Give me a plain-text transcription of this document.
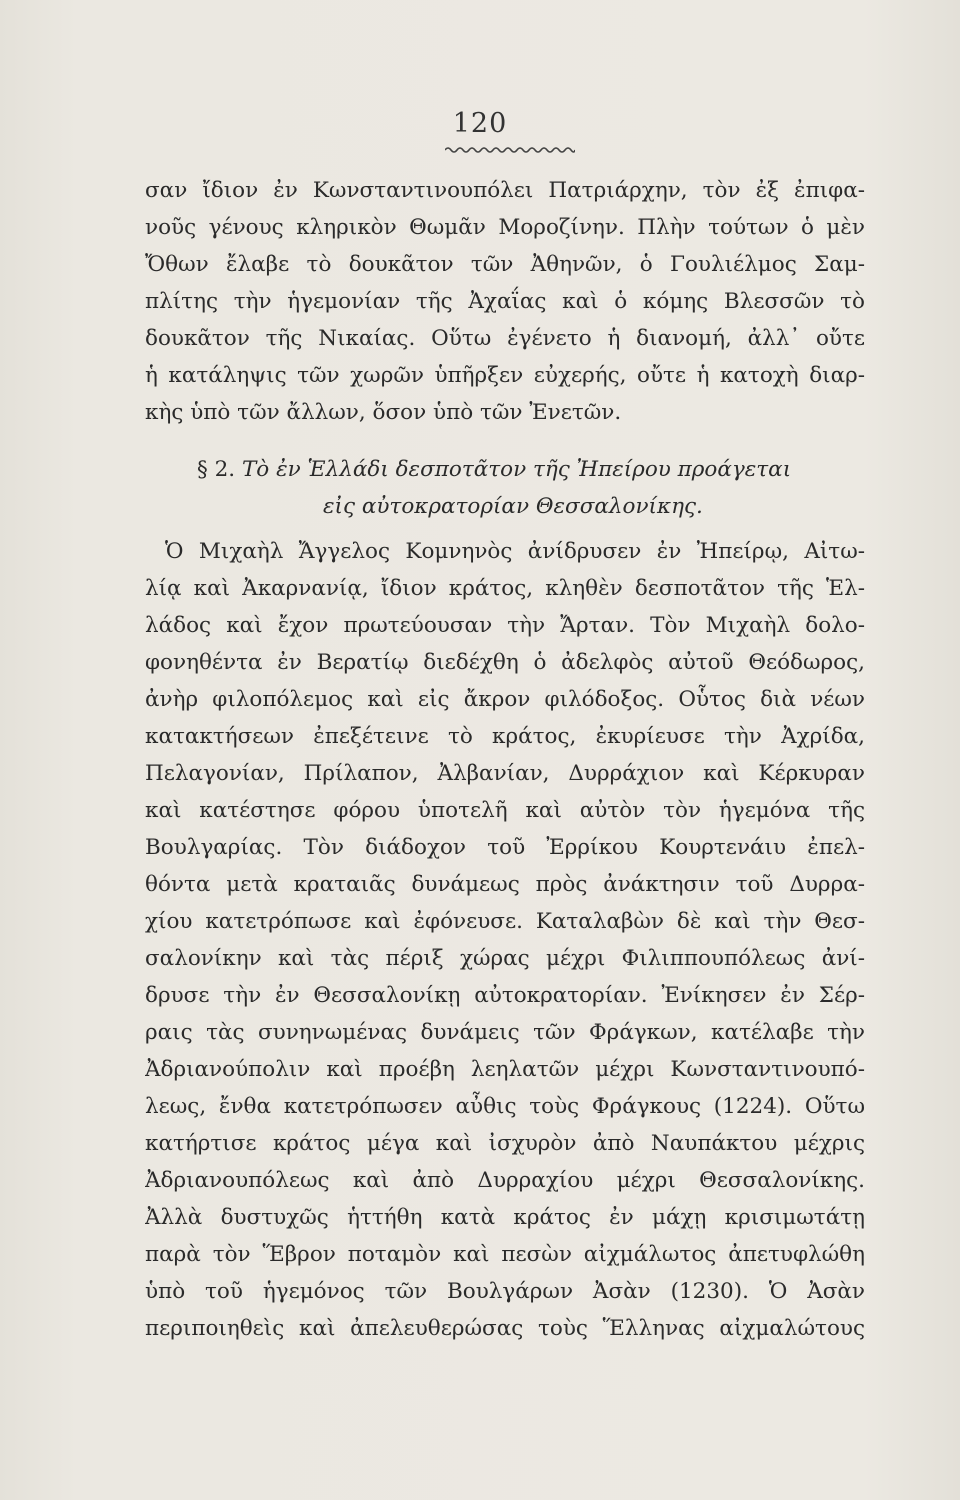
120
σαν ἴδιον ἐν Κωνσταντινουπόλει Πατριάρχην, τὸν ἐξ ἐπιφα-
νοῦς γένους κληρικὸν Θωμᾶν Μοροζίνην. Πλὴν τούτων ὁ μὲν
Ὄθων ἔλαβε τὸ δουκᾶτον τῶν Ἀθηνῶν, ὁ Γουλιέλμος Σαμ-
πλίτης τὴν ἡγεμονίαν τῆς Ἀχαΐας καὶ ὁ κόμης Βλεσσῶν τὸ
δουκᾶτον τῆς Νικαίας. Οὕτω ἐγένετο ἡ διανομή, ἀλλ᾽ οὔτε
ἡ κατάληψις τῶν χωρῶν ὑπῆρξεν εὐχερής, οὔτε ἡ κατοχὴ διαρ-
κὴς ὑπὸ τῶν ἄλλων, ὅσον ὑπὸ τῶν Ἐνετῶν.
§ 2. Τὸ ἐν Ἑλλάδι δεσποτᾶτον τῆς Ἠπείρου προάγεται
εἰς αὐτοκρατορίαν Θεσσαλονίκης.
Ὁ Μιχαὴλ Ἄγγελος Κομνηνὸς ἀνίδρυσεν ἐν Ἠπείρῳ, Αἰτω-
λίᾳ καὶ Ἀκαρνανίᾳ, ἴδιον κράτος, κληθὲν δεσποτᾶτον τῆς Ἑλ-
λάδος καὶ ἔχον πρωτεύουσαν τὴν Ἄρταν. Τὸν Μιχαὴλ δολο-
φονηθέντα ἐν Βερατίῳ διεδέχθη ὁ ἀδελφὸς αὐτοῦ Θεόδωρος,
ἀνὴρ φιλοπόλεμος καὶ εἰς ἄκρον φιλόδοξος. Οὗτος διὰ νέων
κατακτήσεων ἐπεξέτεινε τὸ κράτος, ἐκυρίευσε τὴν Ἀχρίδα,
Πελαγονίαν, Πρίλαπον, Ἀλβανίαν, Δυρράχιον καὶ Κέρκυραν
καὶ κατέστησε φόρου ὑποτελῆ καὶ αὐτὸν τὸν ἡγεμόνα τῆς
Βουλγαρίας. Τὸν διάδοχον τοῦ Ἐρρίκου Κουρτενάιυ ἐπελ-
θόντα μετὰ κραταιᾶς δυνάμεως πρὸς ἀνάκτησιν τοῦ Δυρρα-
χίου κατετρόπωσε καὶ ἐφόνευσε. Καταλαβὼν δὲ καὶ τὴν Θεσ-
σαλονίκην καὶ τὰς πέριξ χώρας μέχρι Φιλιππουπόλεως ἀνί-
δρυσε τὴν ἐν Θεσσαλονίκῃ αὐτοκρατορίαν. Ἐνίκησεν ἐν Σέρ-
ραις τὰς συνηνωμένας δυνάμεις τῶν Φράγκων, κατέλαβε τὴν
Ἀδριανούπολιν καὶ προέβη λεηλατῶν μέχρι Κωνσταντινουπό-
λεως, ἔνθα κατετρόπωσεν αὖθις τοὺς Φράγκους (1224). Οὕτω
κατήρτισε κράτος μέγα καὶ ἰσχυρὸν ἀπὸ Ναυπάκτου μέχρις
Ἀδριανουπόλεως καὶ ἀπὸ Δυρραχίου μέχρι Θεσσαλονίκης.
Ἀλλὰ δυστυχῶς ἡττήθη κατὰ κράτος ἐν μάχῃ κρισιμωτάτῃ
παρὰ τὸν Ἕβρον ποταμὸν καὶ πεσὼν αἰχμάλωτος ἀπετυφλώθη
ὑπὸ τοῦ ἡγεμόνος τῶν Βουλγάρων Ἀσὰν (1230). Ὁ Ἀσὰν
περιποιηθεὶς καὶ ἀπελευθερώσας τοὺς Ἕλληνας αἰχμαλώτους
